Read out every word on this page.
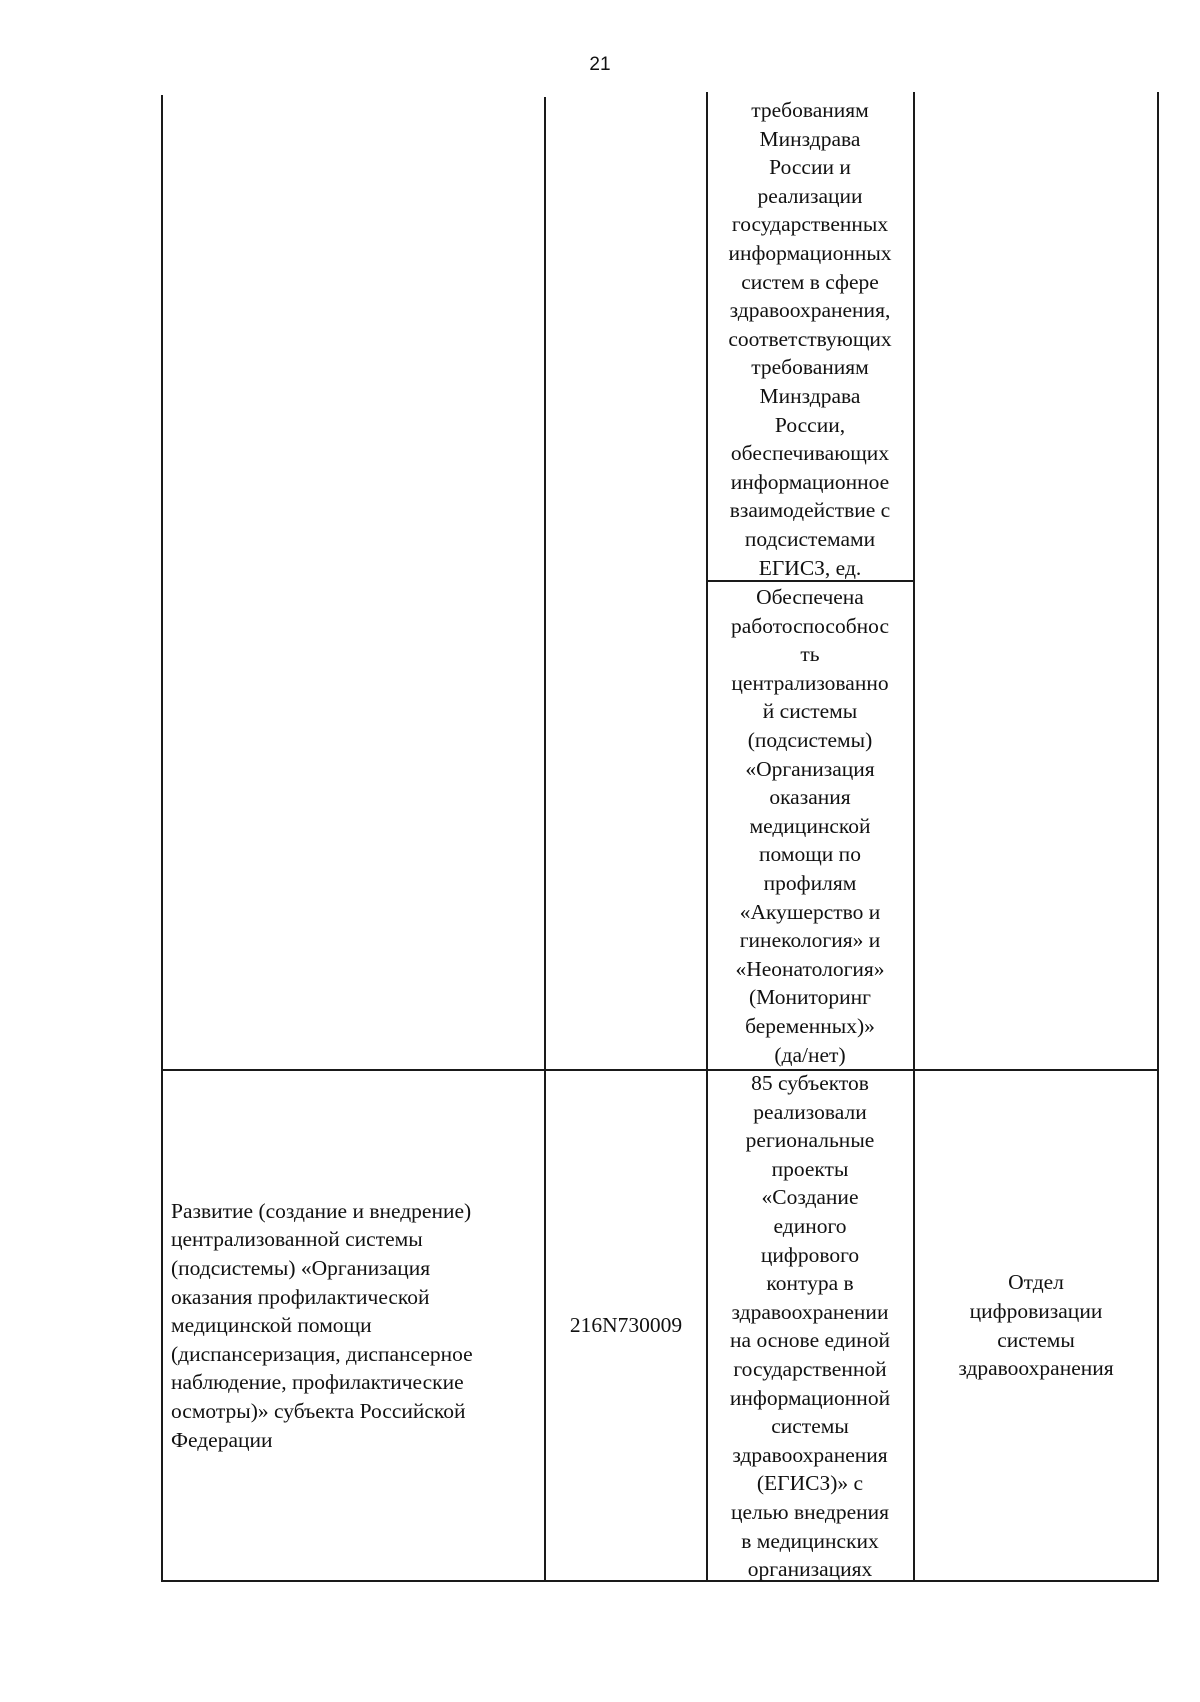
21
требованиям
Минздрава
России и
реализации
государственных
информационных
систем в сфере
здравоохранения,
соответствующих
требованиям
Минздрава
России,
обеспечивающих
информационное
взаимодействие с
подсистемами
ЕГИСЗ, ед.
Обеспечена
работоспособнос
ть
централизованно
й системы
(подсистемы)
«Организация
оказания
медицинской
помощи по
профилям
«Акушерство и
гинекология» и
«Неонатология»
(Мониторинг
беременных)»
(да/нет)
Развитие (создание и внедрение)
централизованной системы
(подсистемы) «Организация
оказания профилактической
медицинской помощи
(диспансеризация, диспансерное
наблюдение, профилактические
осмотры)» субъекта Российской
Федерации
216N730009
85 субъектов
реализовали
региональные
проекты
«Создание
единого
цифрового
контура в
здравоохранении
на основе единой
государственной
информационной
системы
здравоохранения
(ЕГИСЗ)» с
целью внедрения
в медицинских
организациях
Отдел
цифровизации
системы
здравоохранения
